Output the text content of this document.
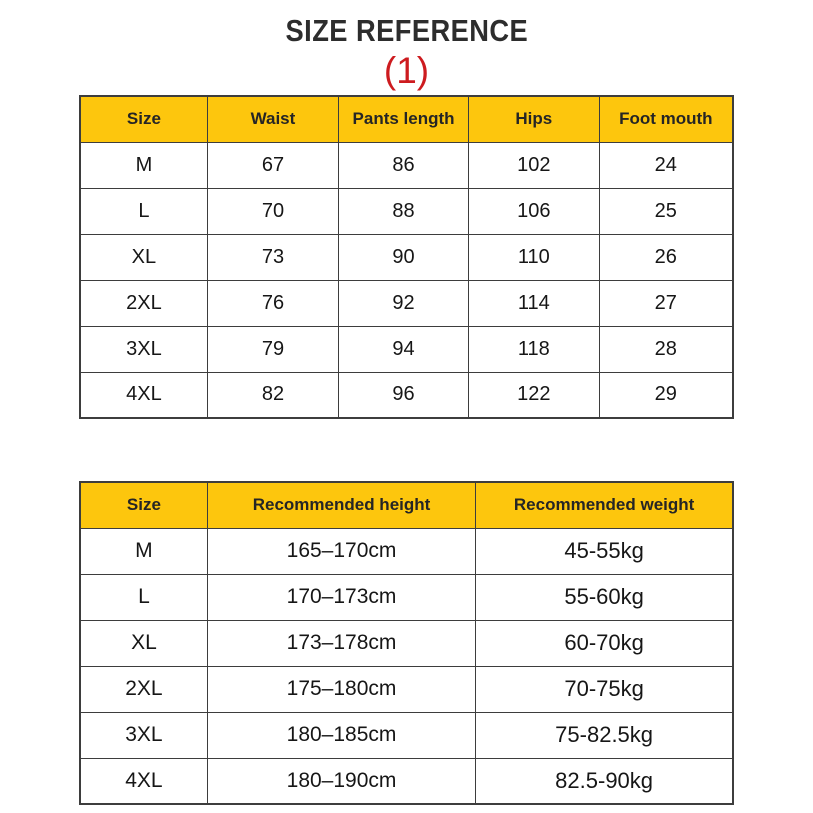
SIZE REFERENCE
(1)
Size	Waist	Pants length	Hips	Foot mouth
M	67	86	102	24
L	70	88	106	25
XL	73	90	110	26
2XL	76	92	114	27
3XL	79	94	118	28
4XL	82	96	122	29
Size	Recommended height	Recommended weight
M	165–170cm	45-55kg
L	170–173cm	55-60kg
XL	173–178cm	60-70kg
2XL	175–180cm	70-75kg
3XL	180–185cm	75-82.5kg
4XL	180–190cm	82.5-90kg
